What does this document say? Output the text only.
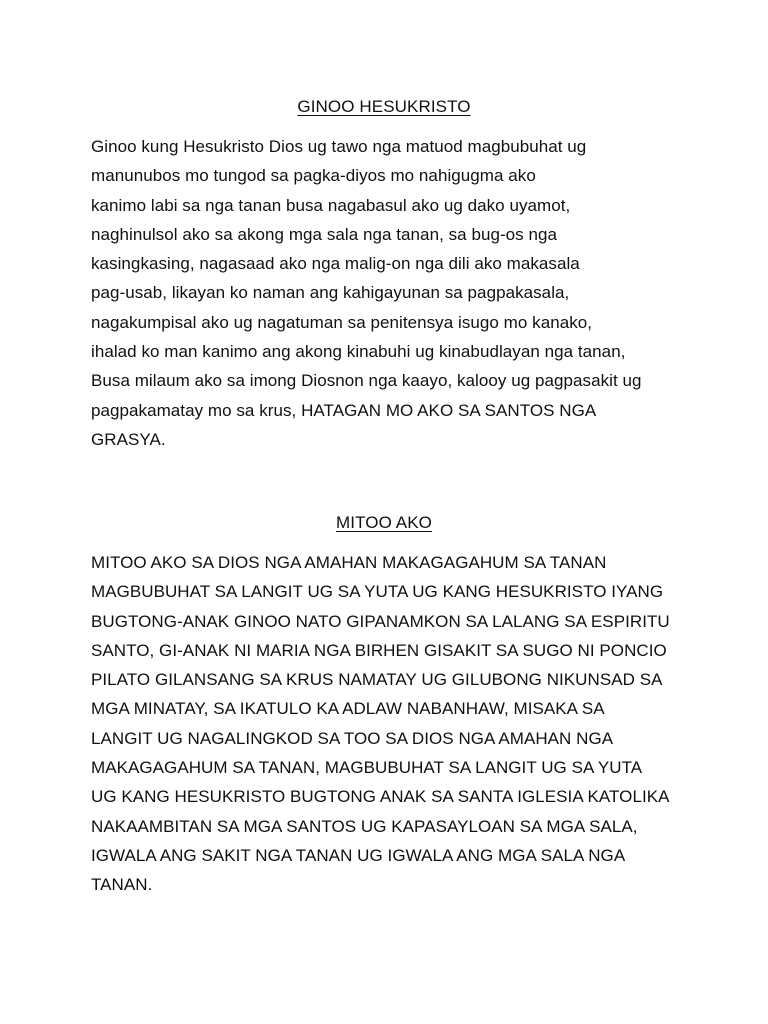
GINOO HESUKRISTO
Ginoo kung Hesukristo Dios ug tawo nga matuod magbubuhat ug
manunubos mo tungod sa pagka-diyos mo nahigugma ako
kanimo labi sa nga tanan busa nagabasul ako ug dako uyamot,
naghinulsol ako sa akong mga sala nga tanan, sa bug-os nga
kasingkasing, nagasaad ako nga malig-on nga dili ako makasala
pag-usab, likayan ko naman ang kahigayunan sa pagpakasala,
nagakumpisal ako ug nagatuman sa penitensya isugo mo kanako,
ihalad ko man kanimo ang akong kinabuhi ug kinabudlayan nga tanan,
Busa milaum ako sa imong Diosnon nga kaayo, kalooy ug pagpasakit ug
pagpakamatay mo sa krus, HATAGAN MO AKO SA SANTOS NGA
GRASYA.
MITOO AKO
MITOO AKO SA DIOS NGA AMAHAN MAKAGAGAHUM SA TANAN
MAGBUBUHAT SA LANGIT UG SA YUTA UG KANG HESUKRISTO IYANG
BUGTONG-ANAK GINOO NATO GIPANAMKON SA LALANG SA ESPIRITU
SANTO, GI-ANAK NI MARIA NGA BIRHEN GISAKIT SA SUGO NI PONCIO
PILATO GILANSANG SA KRUS NAMATAY UG GILUBONG NIKUNSAD SA
MGA MINATAY, SA IKATULO KA ADLAW NABANHAW, MISAKA SA
LANGIT UG NAGALINGKOD SA TOO SA DIOS NGA AMAHAN NGA
MAKAGAGAHUM SA TANAN, MAGBUBUHAT SA LANGIT UG SA YUTA
UG KANG HESUKRISTO BUGTONG ANAK SA SANTA IGLESIA KATOLIKA
NAKAAMBITAN SA MGA SANTOS UG KAPASAYLOAN SA MGA SALA,
IGWALA ANG SAKIT NGA TANAN UG IGWALA ANG MGA SALA NGA
TANAN.
